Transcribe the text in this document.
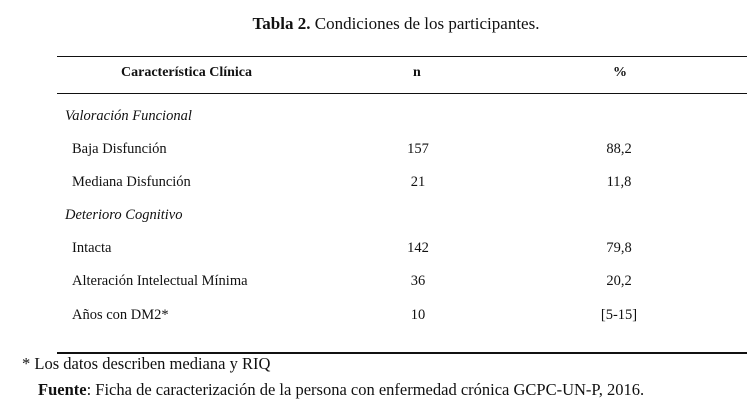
Tabla 2. Condiciones de los participantes.
Característica Clínica	n	%
Valoración Funcional
Baja Disfunción	157	88,2
Mediana Disfunción	21	11,8
Deterioro Cognitivo
Intacta	142	79,8
Alteración Intelectual Mínima	36	20,2
Años con DM2*	10	[5-15]
* Los datos describen mediana y RIQ
Fuente: Ficha de caracterización de la persona con enfermedad crónica GCPC-UN-P, 2016.
